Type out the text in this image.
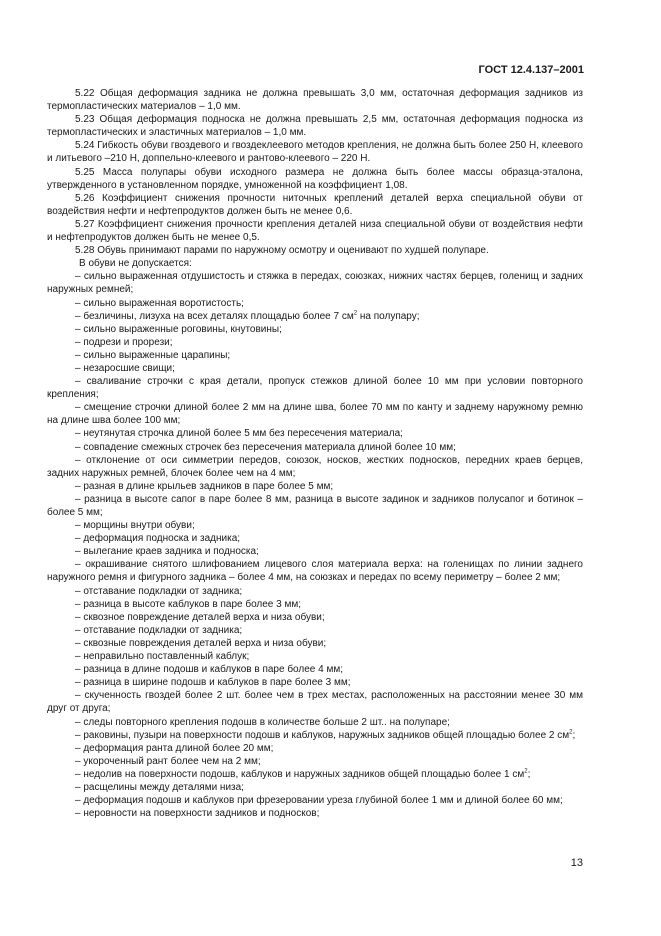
ГОСТ 12.4.137–2001

5.22 Общая деформация задника не должна превышать 3,0 мм, остаточная деформация задников из термопластических материалов – 1,0 мм.

5.23 Общая деформация подноска не должна превышать 2,5 мм, остаточная деформация подноска из термопластических и эластичных материалов – 1,0 мм.

5.24 Гибкость обуви гвоздевого и гвоздеклеевого методов крепления, не должна быть более 250 Н, клеевого и литьевого –210 Н, доппельно-клеевого и рантово-клеевого – 220 Н.

5.25 Масса полупары обуви исходного размера не должна быть более массы образца-эталона, утвержденного в установленном порядке, умноженной на коэффициент 1,08.

5.26 Коэффициент снижения прочности ниточных креплений деталей верха специальной обуви от воздействия нефти и нефтепродуктов должен быть не менее 0,6.

5.27 Коэффициент снижения прочности крепления деталей низа специальной обуви от воздействия нефти и нефтепродуктов должен быть не менее 0,5.

5.28 Обувь принимают парами по наружному осмотру и оценивают по худшей полупаре.

В обуви не допускается:

– сильно выраженная отдушистость и стяжка в передах, союзках, нижних частях берцев, голенищ и задних наружных ремней;

– сильно выраженная воротистость;

– безличины, лизуха на всех деталях площадью более 7 $см^2$ на полупару;

– сильно выраженные роговины, кнутовины;

– подрези и прорези;

– сильно выраженные царапины;

– незаросшие свищи;

– сваливание строчки с края детали, пропуск стежков длиной более 10 мм при условии повторного крепления;

– смещение строчки длиной более 2 мм на длине шва, более 70 мм по канту и заднему наружному ремню на длине шва более 100 мм;

– неутянутая строчка длиной более 5 мм без пересечения материала;

– совпадение смежных строчек без пересечения материала длиной более 10 мм;

– отклонение от оси симметрии передов, союзок, носков, жестких подносков, передних краев берцев, задних наружных ремней, блочек более чем на 4 мм;

– разная в длине крыльев задников в паре более 5 мм;

– разница в высоте сапог в паре более 8 мм, разница в высоте задинок и задников полусапог и ботинок – более 5 мм;

– морщины внутри обуви;

– деформация подноска и задника;

– вылегание краев задника и подноска;

– окрашивание снятого шлифованием лицевого слоя материала верха: на голенищах по линии заднего наружного ремня и фигурного задника – более 4 мм, на союзках и передах по всему периметру – более 2 мм;

– отставание подкладки от задника;

– разница в высоте каблуков в паре более 3 мм;

– сквозное повреждение деталей верха и низа обуви;

– отставание подкладки от задника;

– сквозные повреждения деталей верха и низа обуви;

– неправильно поставленный каблук;

– разница в длине подошв и каблуков в паре более 4 мм;

– разница в ширине подошв и каблуков в паре более 3 мм;

– скученность гвоздей более 2 шт. более чем в трех местах, расположенных на расстоянии менее 30 мм друг от друга;

– следы повторного крепления подошв в количестве больше 2 шт.. на полупаре;

– раковины, пузыри на поверхности подошв и каблуков, наружных задников общей площадью более 2 $см^2$;

– деформация ранта длиной более 20 мм;

– укороченный рант более чем на 2 мм;

– недолив на поверхности подошв, каблуков и наружных задников общей площадью более 1 $см^2$;

– расщелины между деталями низа;

– деформация подошв и каблуков при фрезеровании уреза глубиной более 1 мм и длиной более 60 мм;

– неровности на поверхности задников и подносков;

13
